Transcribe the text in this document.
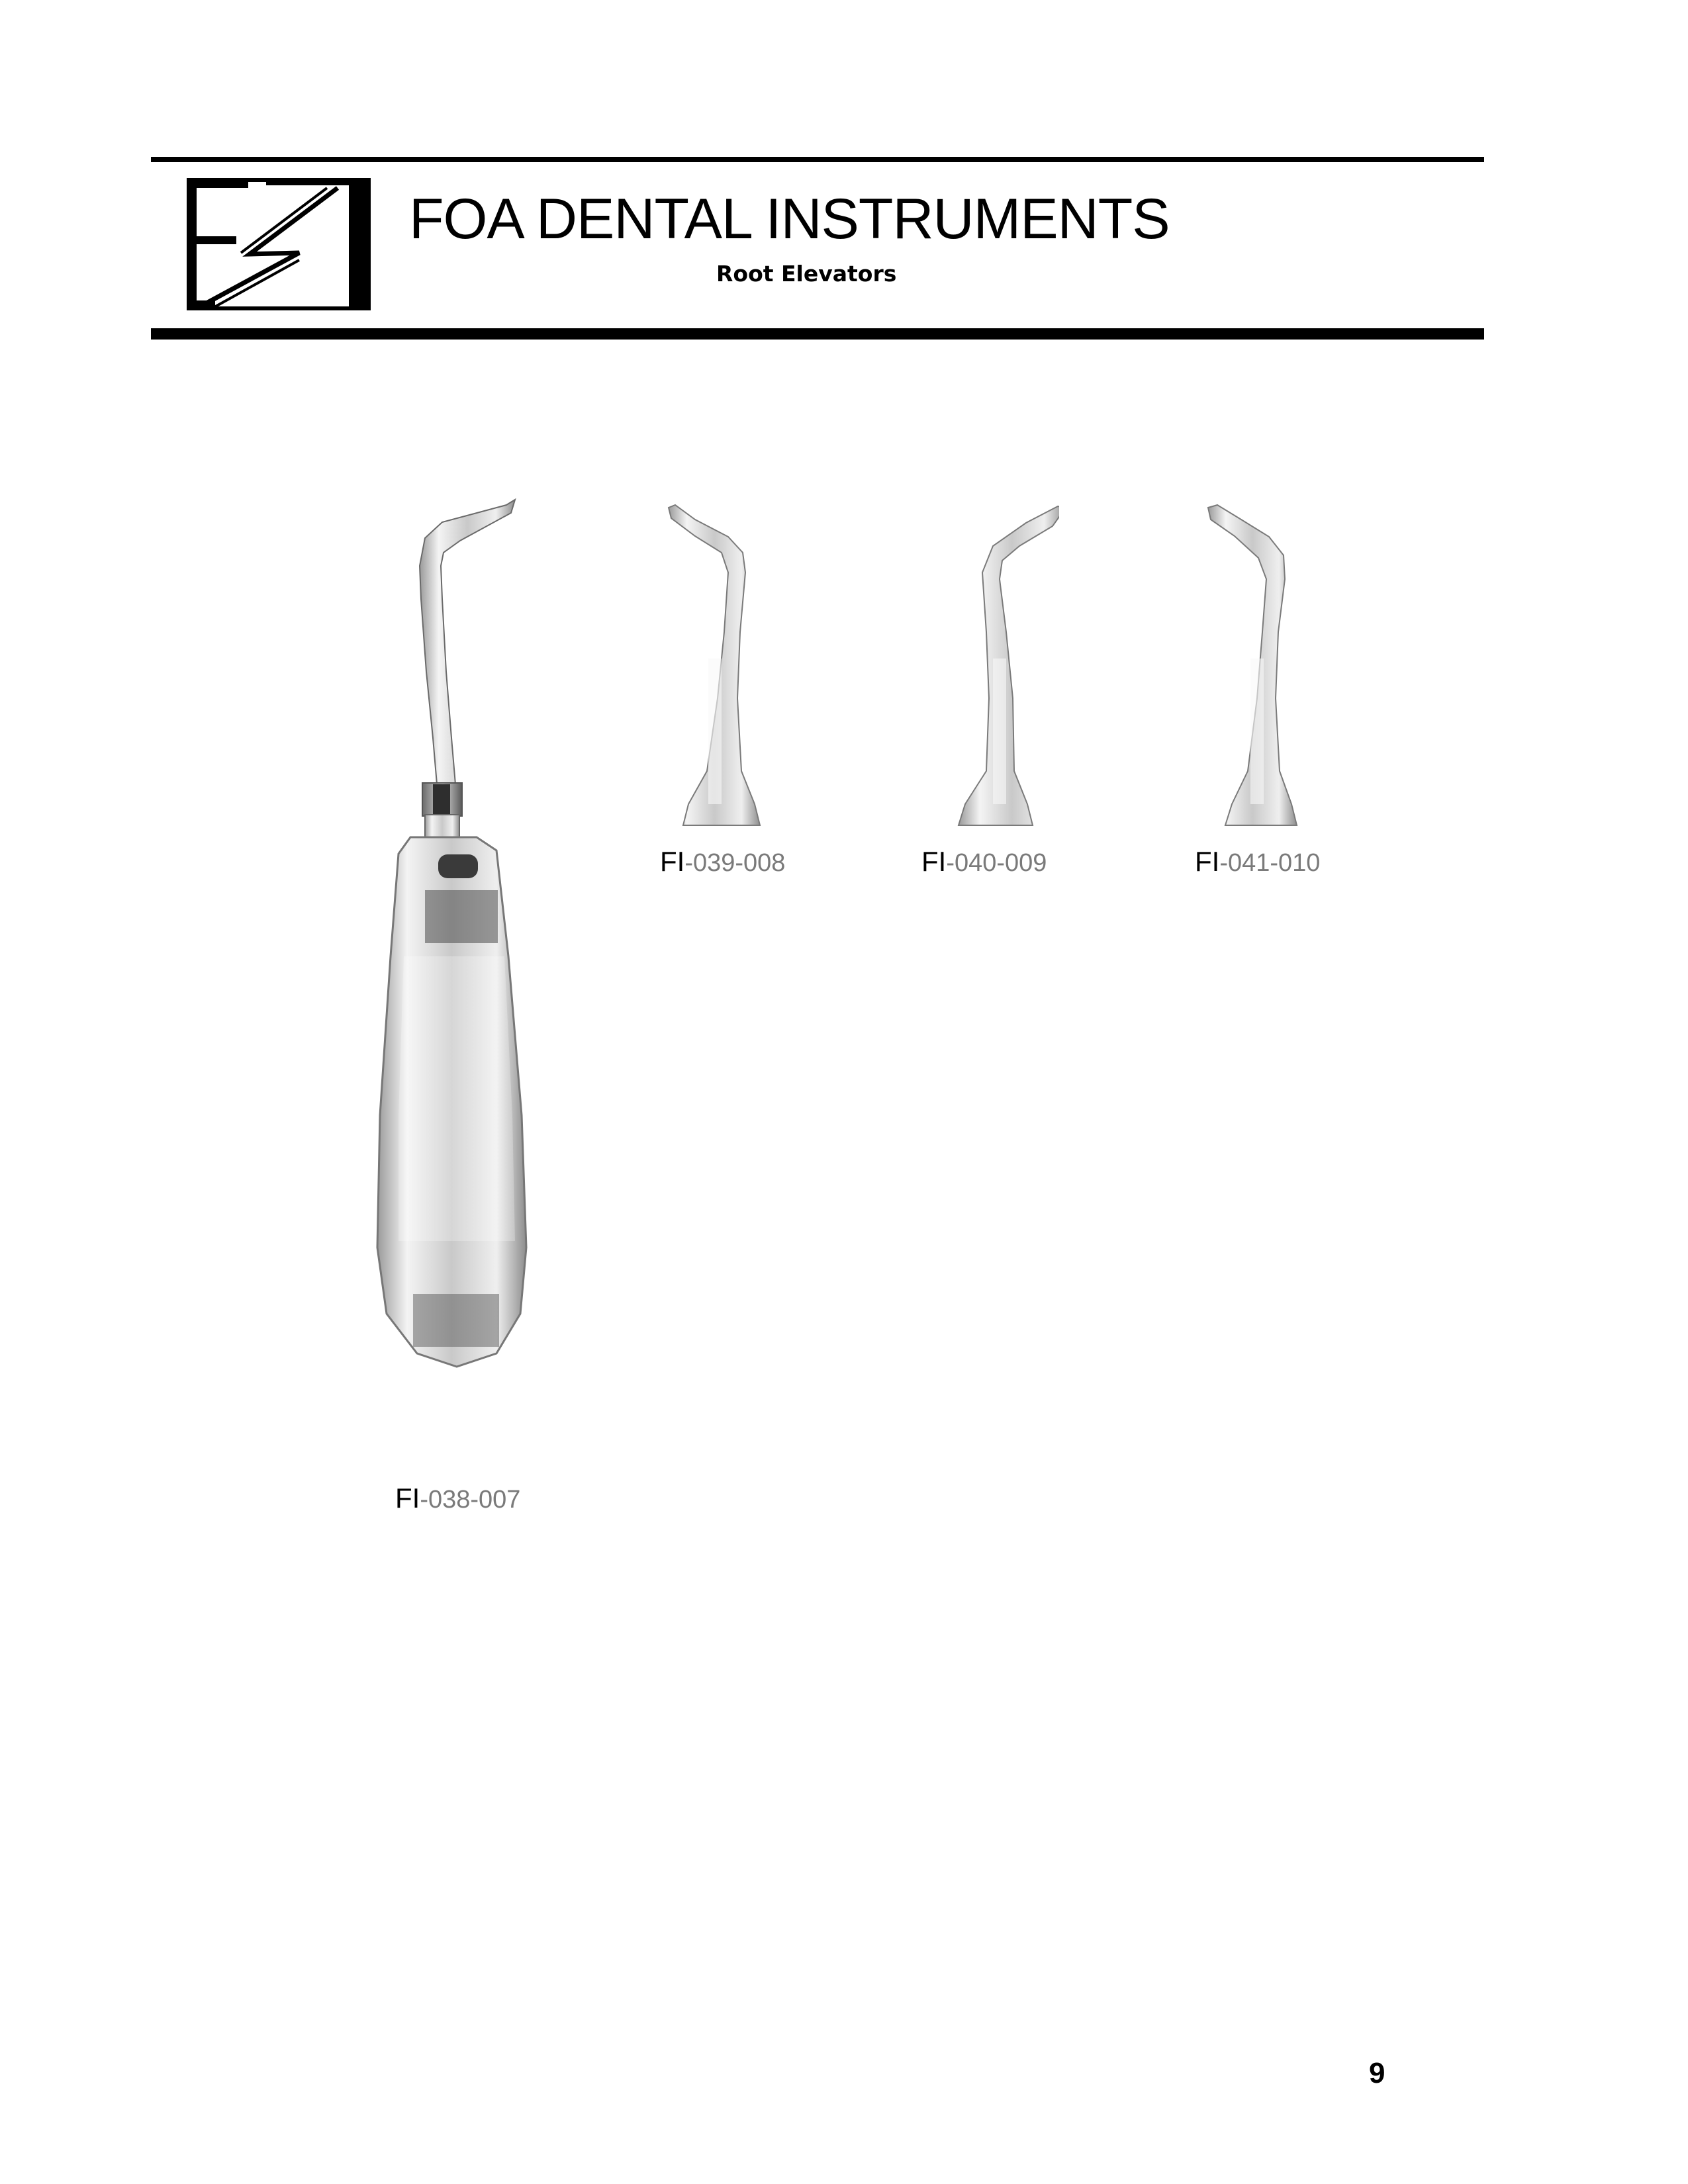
FOA DENTAL INSTRUMENTS
Root Elevators
FI-038-007
FI-039-008	FI-040-009	FI-041-010
9
